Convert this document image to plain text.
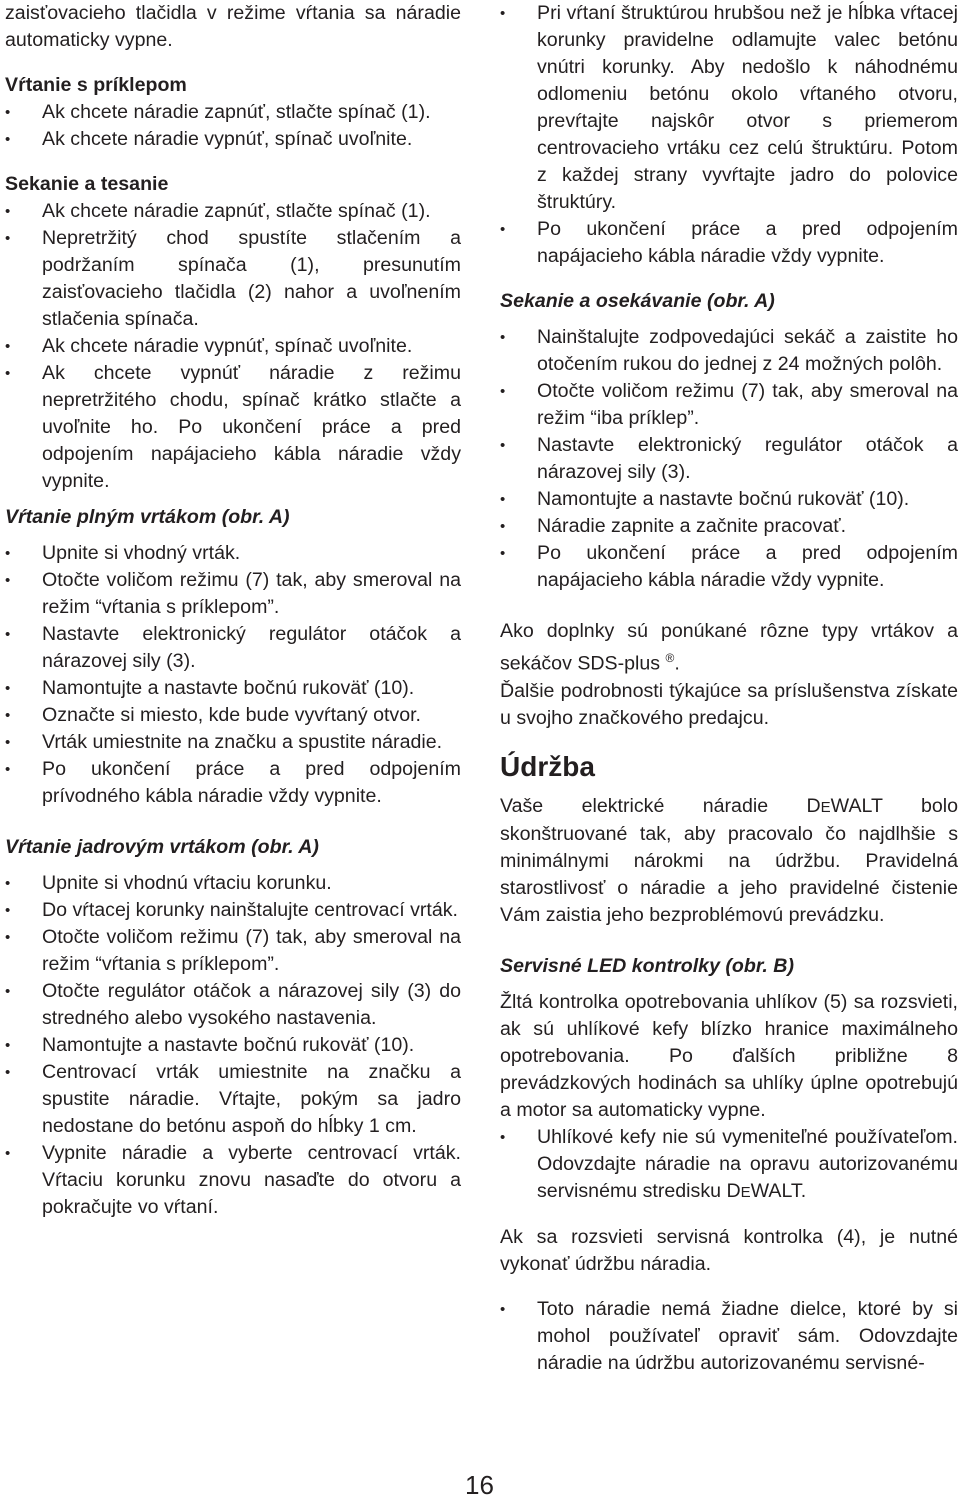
zaisťovacieho tlačidla v režime vŕtania sa náradie automaticky vypne.

Vŕtanie s príklepom
• Ak chcete náradie zapnúť, stlačte spínač (1).
• Ak chcete náradie vypnúť, spínač uvoľnite.
Sekanie a tesanie
• Ak chcete náradie zapnúť, stlačte spínač (1).
• Nepretržitý chod spustíte stlačením a podržaním spínača (1), presunutím zaisťovacieho tlačidla (2) nahor a uvoľnením stlačenia spínača.
• Ak chcete náradie vypnúť, spínač uvoľnite.
• Ak chcete vypnúť náradie z režimu nepretržitého chodu, spínač krátko stlačte a uvoľnite ho. Po ukončení práce a pred odpojením napájacieho kábla náradie vždy vypnite.
Vŕtanie plným vrtákom (obr. A)
• Upnite si vhodný vrták.
• Otočte voličom režimu (7) tak, aby smeroval na režim “vŕtania s príklepom”.
• Nastavte elektronický regulátor otáčok a nárazovej sily (3).
• Namontujte a nastavte bočnú rukoväť (10).
• Označte si miesto, kde bude vyvŕtaný otvor.
• Vrták umiestnite na značku a spustite náradie.
• Po ukončení práce a pred odpojením prívodného kábla náradie vždy vypnite.
Vŕtanie jadrovým vrtákom (obr. A)
• Upnite si vhodnú vŕtaciu korunku.
• Do vŕtacej korunky nainštalujte centrovací vrták.
• Otočte voličom režimu (7) tak, aby smeroval na režim “vŕtania s príklepom”.
• Otočte regulátor otáčok a nárazovej sily (3) do stredného alebo vysokého nastavenia.
• Namontujte a nastavte bočnú rukoväť (10).
• Centrovací vrták umiestnite na značku a spustite náradie. Vŕtajte, pokým sa jadro nedostane do betónu aspoň do hĺbky 1 cm.
• Vypnite náradie a vyberte centrovací vrták. Vŕtaciu korunku znovu nasaďte do otvoru a pokračujte vo vŕtaní.
• Pri vŕtaní štruktúrou hrubšou než je hĺbka vŕtacej korunky pravidelne odlamujte valec betónu vnútri korunky. Aby nedošlo k náhodnému odlomeniu betónu okolo vŕtaného otvoru, prevŕtajte najskôr otvor s priemerom centrovacieho vrtáku cez celú štruktúru. Potom z každej strany vyvŕtajte jadro do polovice štruktúry.
• Po ukončení práce a pred odpojením napájacieho kábla náradie vždy vypnite.
Sekanie a osekávanie (obr. A)
• Nainštalujte zodpovedajúci sekáč a zaistite ho otočením rukou do jednej z 24 možných polôh.
• Otočte voličom režimu (7) tak, aby smeroval na režim “iba príklep”.
• Nastavte elektronický regulátor otáčok a nárazovej sily (3).
• Namontujte a nastavte bočnú rukoväť (10).
• Náradie zapnite a začnite pracovať.
• Po ukončení práce a pred odpojením napájacieho kábla náradie vždy vypnite.

Ako doplnky sú ponúkané rôzne typy vrtákov a sekáčov SDS-plus ®.

Ďalšie podrobnosti týkajúce sa príslušenstva získate u svojho značkového predajcu.

Údržba

Vaše elektrické náradie DEWALT bolo skonštruované tak, aby pracovalo čo najdlhšie s minimálnymi nárokmi na údržbu. Pravidelná starostlivosť o náradie a jeho pravidelné čistenie Vám zaistia jeho bezproblémovú prevádzku.

Servisné LED kontrolky (obr. B)

Žltá kontrolka opotrebovania uhlíkov (5) sa rozsvieti, ak sú uhlíkové kefy blízko hranice maximálneho opotrebovania. Po ďalších približne 8 prevádzkových hodinách sa uhlíky úplne opotrebujú a motor sa automaticky vypne.

• Uhlíkové kefy nie sú vymeniteľné používateľom. Odovzdajte náradie na opravu autorizovanému servisnému stredisku DEWALT.

Ak sa rozsvieti servisná kontrolka (4), je nutné vykonať údržbu náradia.

• Toto náradie nemá žiadne dielce, ktoré by si mohol používateľ opraviť sám. Odovzdajte náradie na údržbu autorizovanému servisné-
16
